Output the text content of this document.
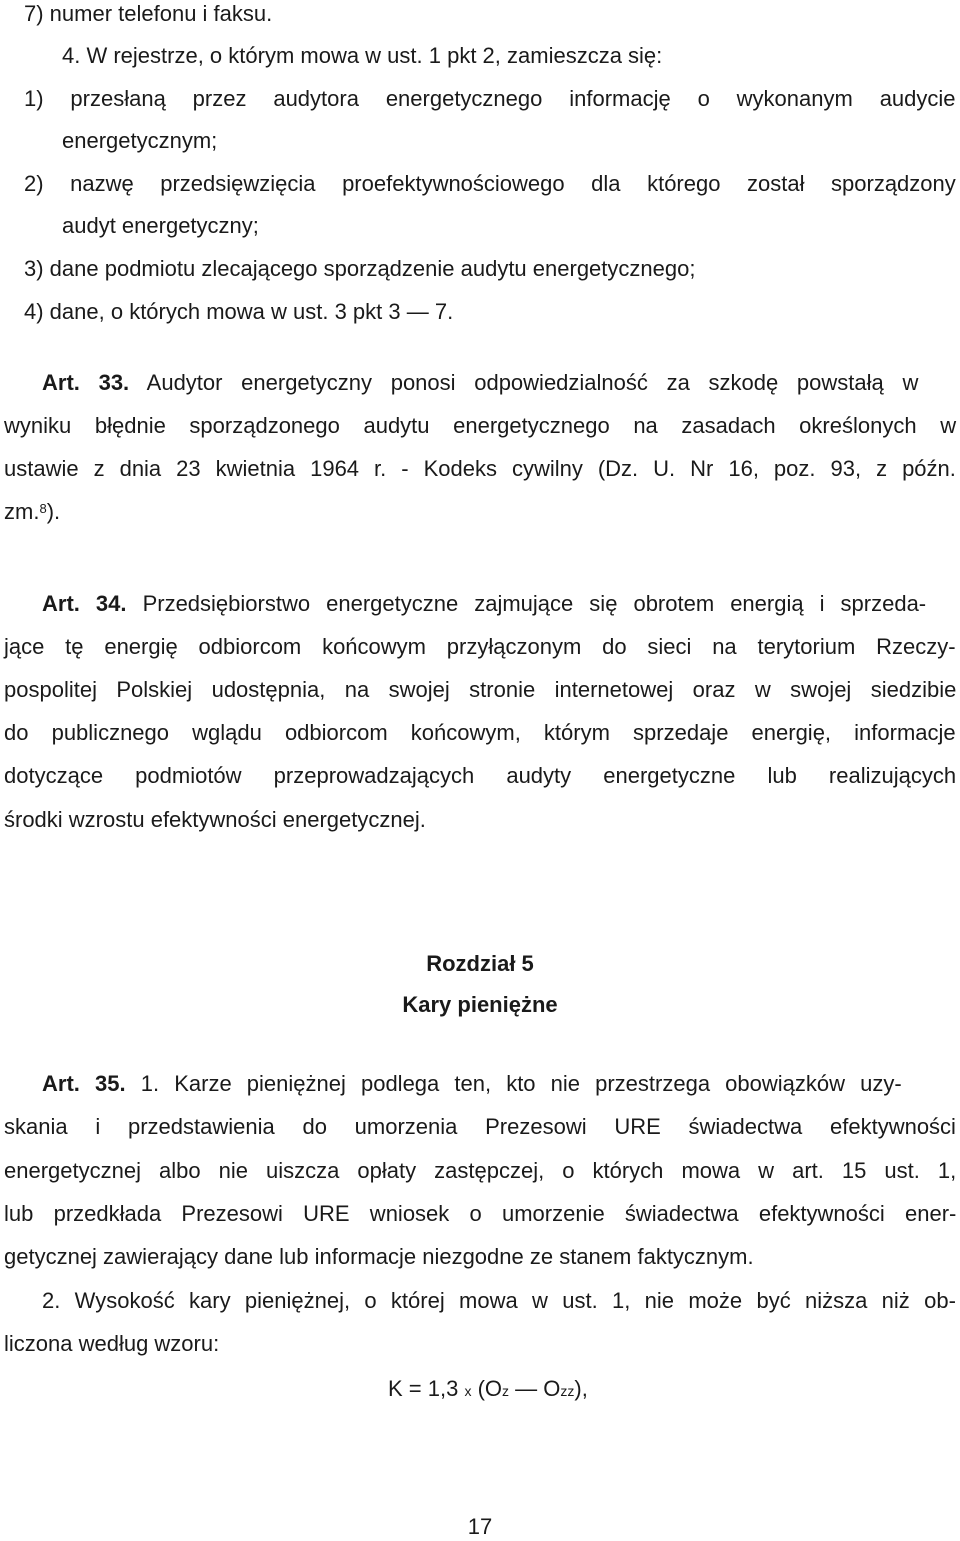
7) numer telefonu i faksu.
4. W rejestrze, o którym mowa w ust. 1 pkt 2, zamieszcza się:
1) przesłaną przez audytora energetycznego informację o wykonanym audycie
energetycznym;
2) nazwę przedsięwzięcia proefektywnościowego dla którego został sporządzony
audyt energetyczny;
3) dane podmiotu zlecającego sporządzenie audytu energetycznego;
4) dane, o których mowa w ust. 3 pkt 3 — 7.
Art. 33. Audytor energetyczny ponosi odpowiedzialność za szkodę powstałą w
wyniku błędnie sporządzonego audytu energetycznego na zasadach określonych w
ustawie z dnia 23 kwietnia 1964 r. - Kodeks cywilny (Dz. U. Nr 16, poz. 93, z późn.
zm.$^8$).
Art. 34. Przedsiębiorstwo energetyczne zajmujące się obrotem energią i sprzeda-
jące tę energię odbiorcom końcowym przyłączonym do sieci na terytorium Rzeczy-
pospolitej Polskiej udostępnia, na swojej stronie internetowej oraz w swojej siedzibie
do publicznego wglądu odbiorcom końcowym, którym sprzedaje energię, informacje
dotyczące podmiotów przeprowadzających audyty energetyczne lub realizujących
środki wzrostu efektywności energetycznej.
Rozdział 5
Kary pieniężne
Art. 35. 1. Karze pieniężnej podlega ten, kto nie przestrzega obowiązków uzy-
skania i przedstawienia do umorzenia Prezesowi URE świadectwa efektywności
energetycznej albo nie uiszcza opłaty zastępczej, o których mowa w art. 15 ust. 1,
lub przedkłada Prezesowi URE wniosek o umorzenie świadectwa efektywności ener-
getycznej zawierający dane lub informacje niezgodne ze stanem faktycznym.
2. Wysokość kary pieniężnej, o której mowa w ust. 1, nie może być niższa niż ob-
liczona według wzoru:
K = 1,3 x (Oz — Ozz),
17
